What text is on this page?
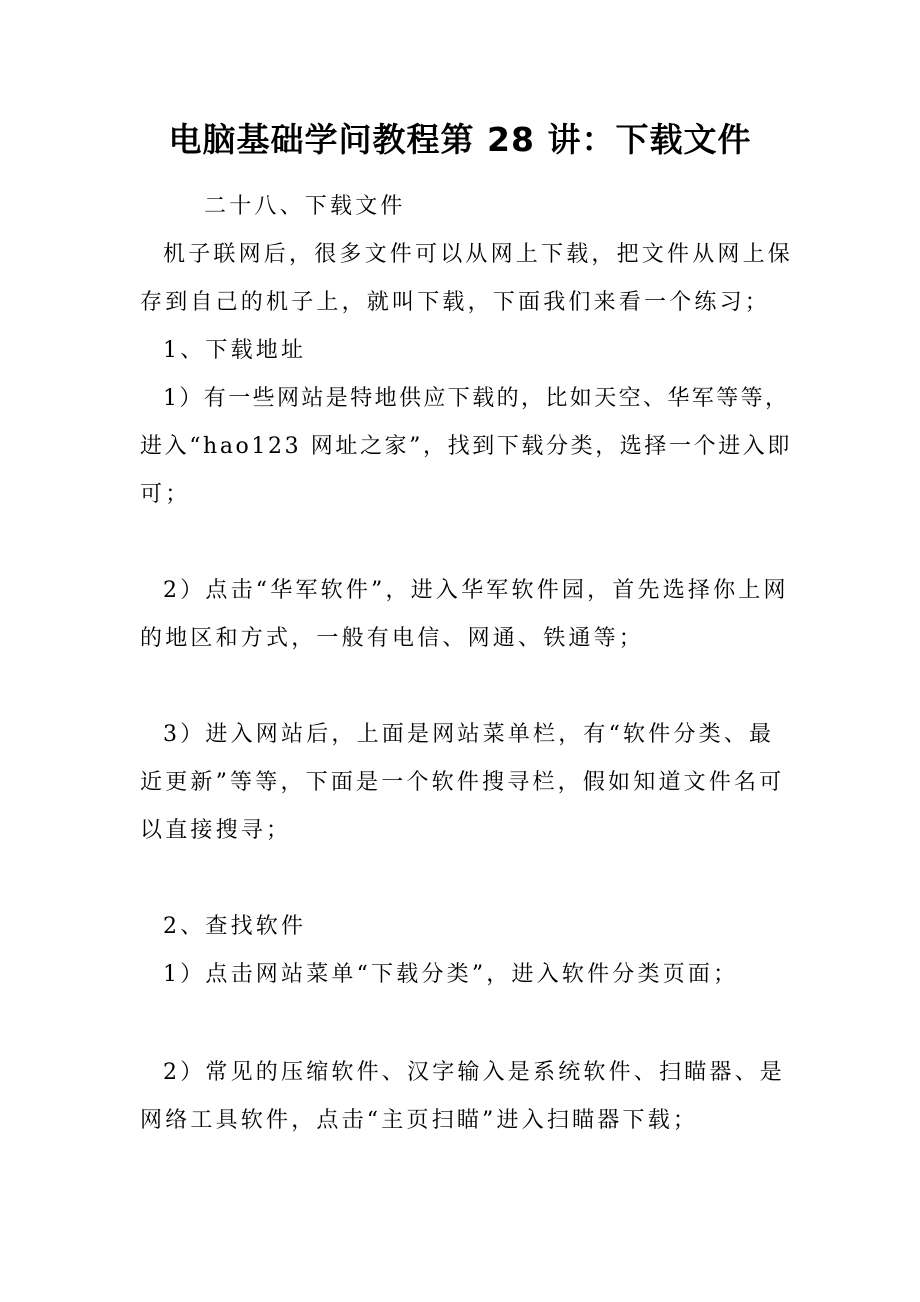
电脑基础学问教程第 28 讲：下载文件
二十八、下载文件
机子联网后，很多文件可以从网上下载，把文件从网上保
存到自己的机子上，就叫下载，下面我们来看一个练习；
1、下载地址
1）有一些网站是特地供应下载的，比如天空、华军等等，
进入“hao123 网址之家”，找到下载分类，选择一个进入即
可；
2）点击“华军软件”，进入华军软件园，首先选择你上网
的地区和方式，一般有电信、网通、铁通等；
3）进入网站后，上面是网站菜单栏，有“软件分类、最
近更新”等等，下面是一个软件搜寻栏，假如知道文件名可
以直接搜寻；
2、查找软件
1）点击网站菜单“下载分类”，进入软件分类页面；
2）常见的压缩软件、汉字输入是系统软件、扫瞄器、是
网络工具软件，点击“主页扫瞄”进入扫瞄器下载；
